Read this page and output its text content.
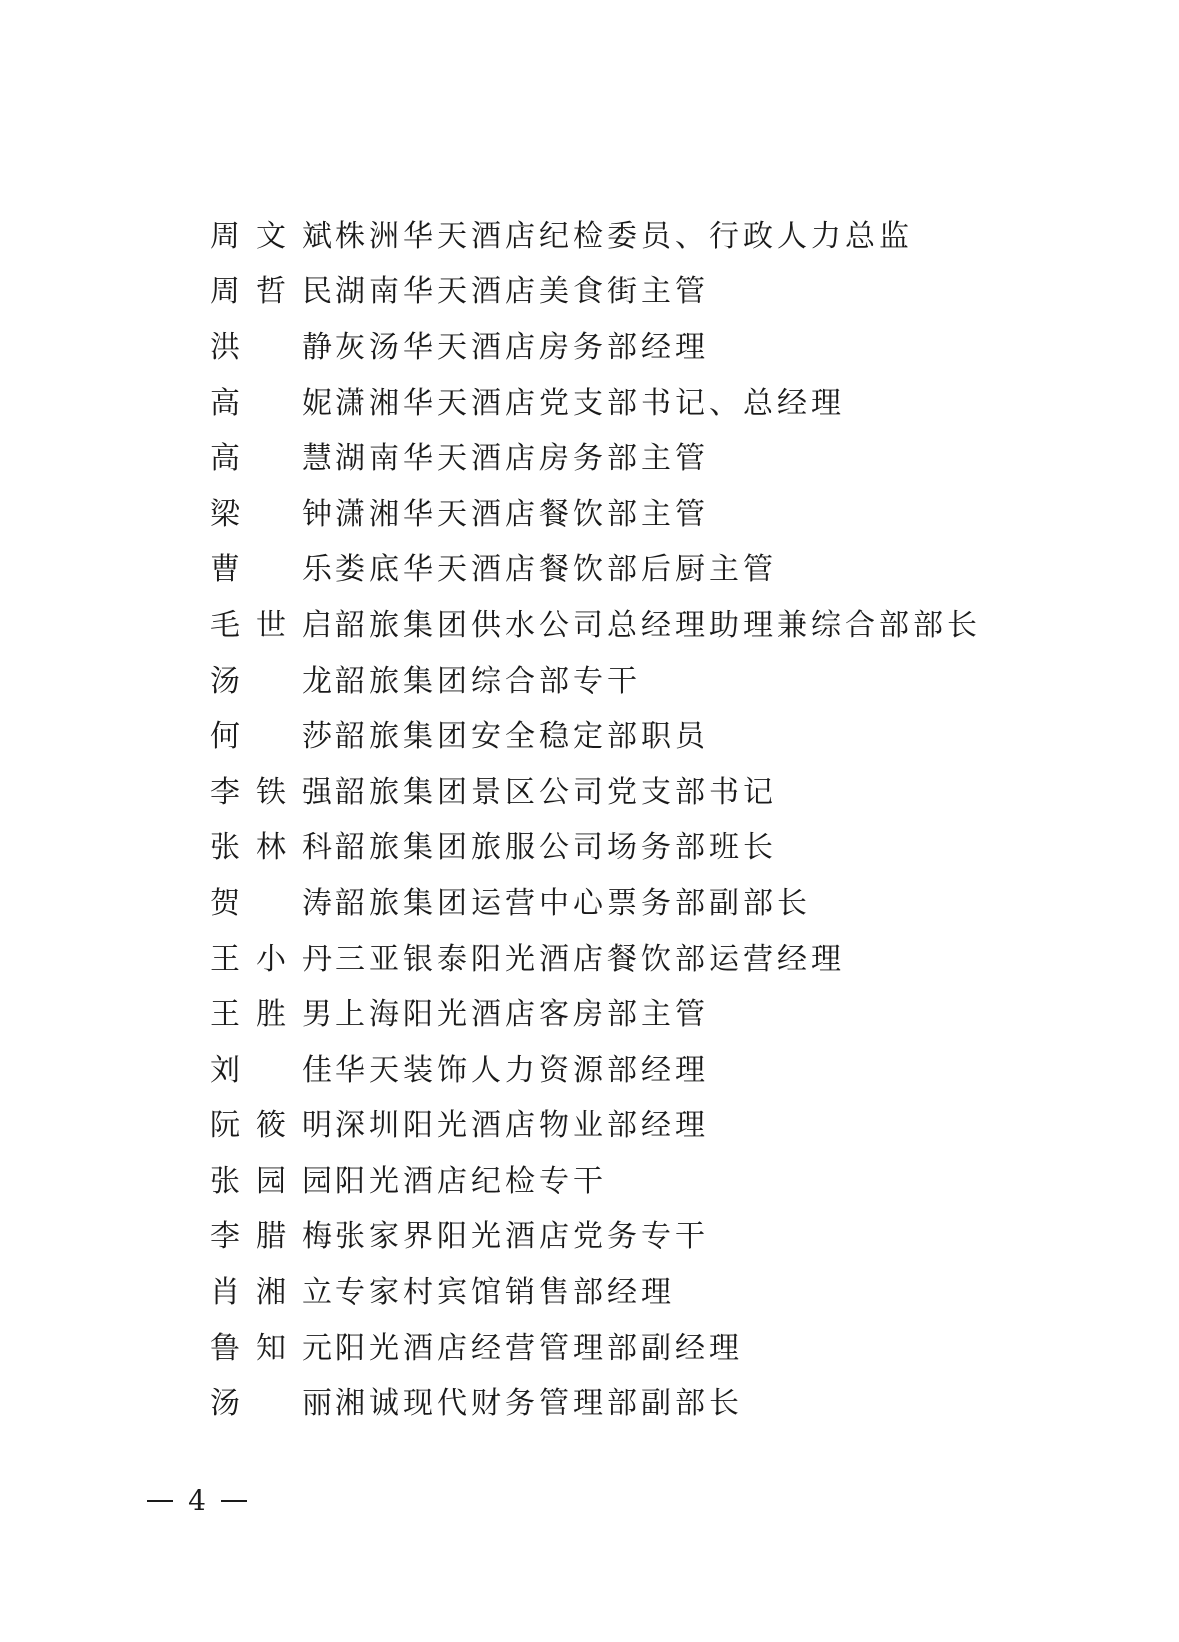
周 文 斌 株洲华天酒店纪检委员、行政人力总监
周 哲 民 湖南华天酒店美食街主管
洪 静 灰汤华天酒店房务部经理
高 妮 潇湘华天酒店党支部书记、总经理
高 慧 湖南华天酒店房务部主管
梁 钟 潇湘华天酒店餐饮部主管
曹 乐 娄底华天酒店餐饮部后厨主管
毛 世 启 韶旅集团供水公司总经理助理兼综合部部长
汤 龙 韶旅集团综合部专干
何 莎 韶旅集团安全稳定部职员
李 铁 强 韶旅集团景区公司党支部书记
张 林 科 韶旅集团旅服公司场务部班长
贺 涛 韶旅集团运营中心票务部副部长
王 小 丹 三亚银泰阳光酒店餐饮部运营经理
王 胜 男 上海阳光酒店客房部主管
刘 佳 华天装饰人力资源部经理
阮 筱 明 深圳阳光酒店物业部经理
张 园 园 阳光酒店纪检专干
李 腊 梅 张家界阳光酒店党务专干
肖 湘 立 专家村宾馆销售部经理
鲁 知 元 阳光酒店经营管理部副经理
汤 丽 湘诚现代财务管理部副部长
4
